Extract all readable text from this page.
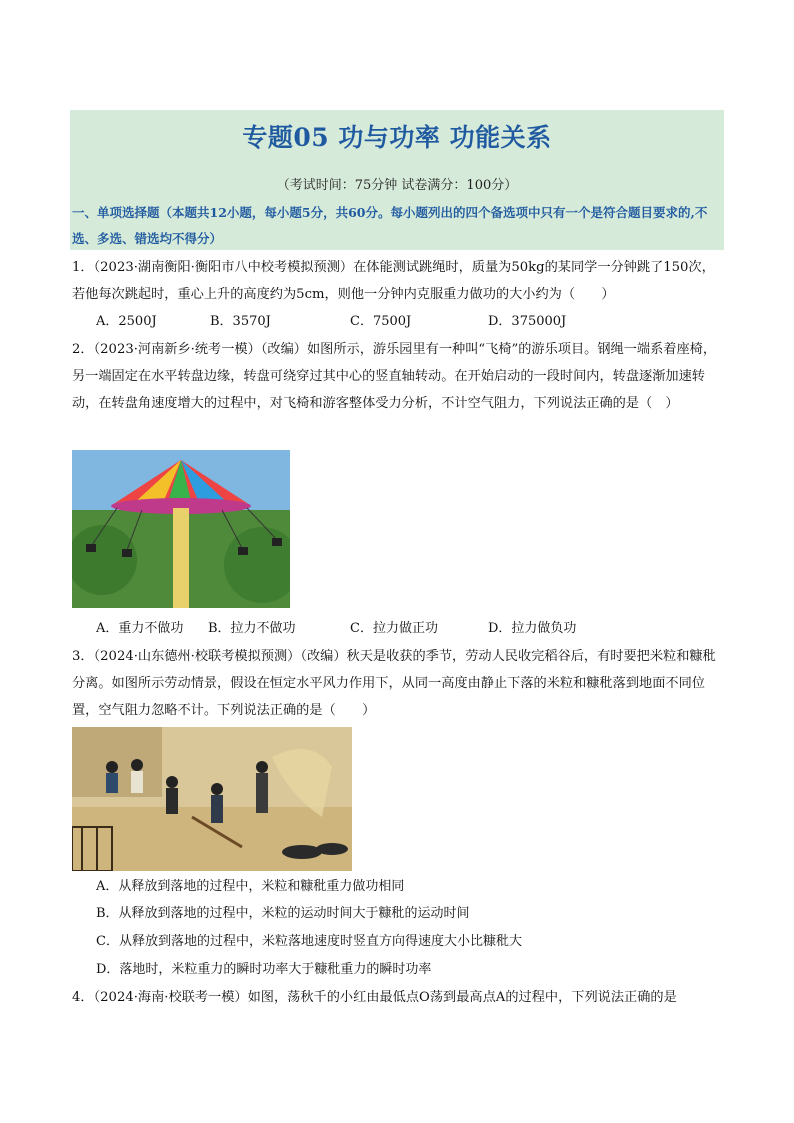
专题05 功与功率 功能关系
（考试时间：75分钟 试卷满分：100分）
一、单项选择题（本题共12小题，每小题5分，共60分。每小题列出的四个备选项中只有一个是符合题目要求的,不选、多选、错选均不得分）
1．（2023·湖南衡阳·衡阳市八中校考模拟预测）在体能测试跳绳时，质量为50kg的某同学一分钟跳了150次，若他每次跳起时，重心上升的高度约为5cm，则他一分钟内克服重力做功的大小约为（　　）
A．2500J	B．3570J	C．7500J	D．375000J
2．（2023·河南新乡·统考一模）（改编）如图所示，游乐园里有一种叫“飞椅”的游乐项目。钢绳一端系着座椅，另一端固定在水平转盘边缘，转盘可绕穿过其中心的竖直轴转动。在开始启动的一段时间内，转盘逐渐加速转动，在转盘角速度增大的过程中，对飞椅和游客整体受力分析，不计空气阻力，下列说法正确的是（　）
A．重力不做功 B．拉力不做功	C．拉力做正功	D．拉力做负功
3．（2024·山东德州·校联考模拟预测）（改编）秋天是收获的季节，劳动人民收完稻谷后，有时要把米粒和糠秕分离。如图所示劳动情景，假设在恒定水平风力作用下，从同一高度由静止下落的米粒和糠秕落到地面不同位置，空气阻力忽略不计。下列说法正确的是（　　）
A．从释放到落地的过程中，米粒和糠秕重力做功相同
B．从释放到落地的过程中，米粒的运动时间大于糠秕的运动时间
C．从释放到落地的过程中，米粒落地速度时竖直方向得速度大小比糠秕大
D．落地时，米粒重力的瞬时功率大于糠秕重力的瞬时功率
4．（2024·海南·校联考一模）如图，荡秋千的小红由最低点O荡到最高点A的过程中，下列说法正确的是
